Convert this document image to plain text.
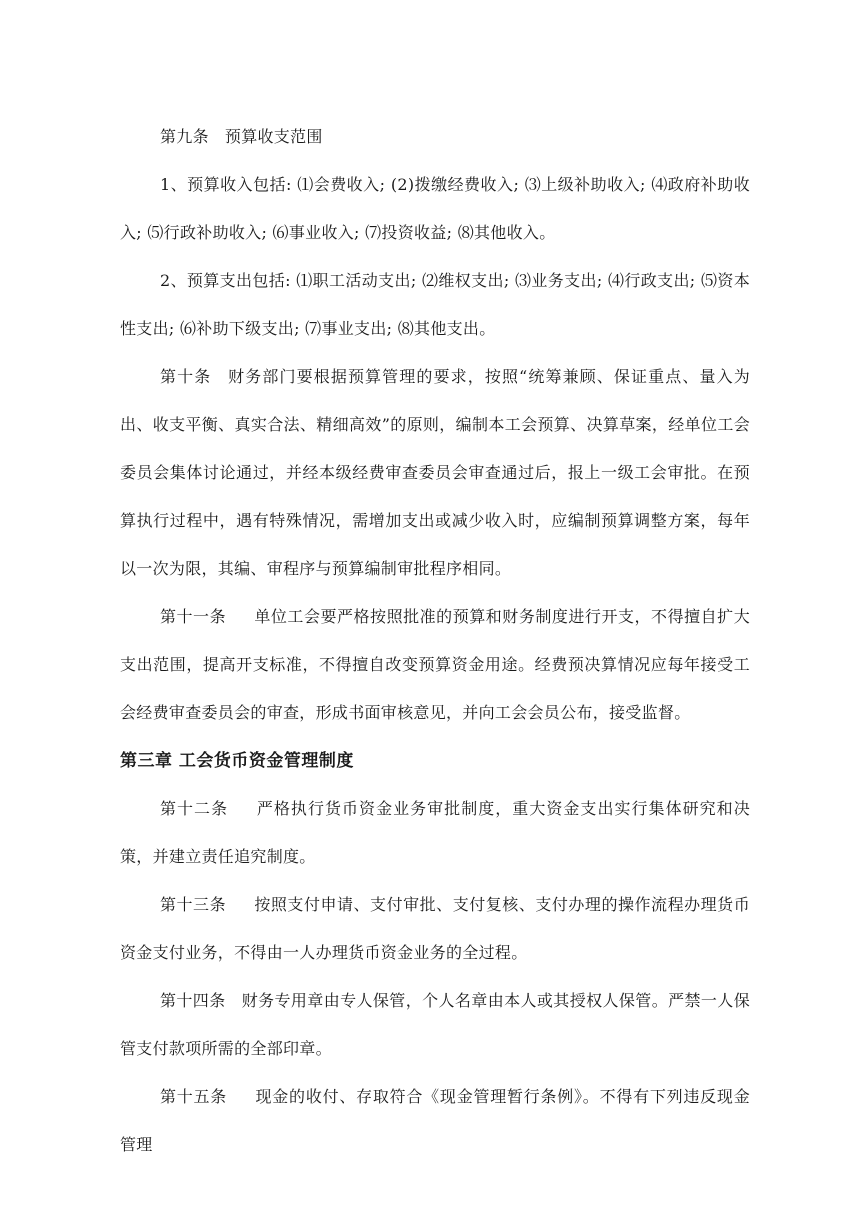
第九条 预算收支范围

1、预算收入包括: ⑴会费收入; (2)拨缴经费收入; ⑶上级补助收入; ⑷政府补助收入; ⑸行政补助收入; ⑹事业收入; ⑺投资收益; ⑻其他收入。

2、预算支出包括: ⑴职工活动支出; ⑵维权支出; ⑶业务支出; ⑷行政支出; ⑸资本性支出; ⑹补助下级支出; ⑺事业支出; ⑻其他支出。

第十条 财务部门要根据预算管理的要求，按照“统筹兼顾、保证重点、量入为出、收支平衡、真实合法、精细高效”的原则，编制本工会预算、决算草案，经单位工会委员会集体讨论通过，并经本级经费审查委员会审查通过后，报上一级工会审批。在预算执行过程中，遇有特殊情况，需增加支出或减少收入时，应编制预算调整方案，每年以一次为限，其编、审程序与预算编制审批程序相同。

第十一条 单位工会要严格按照批准的预算和财务制度进行开支，不得擅自扩大支出范围，提高开支标准，不得擅自改变预算资金用途。经费预决算情况应每年接受工会经费审查委员会的审查，形成书面审核意见，并向工会会员公布，接受监督。

第三章 工会货币资金管理制度

第十二条 严格执行货币资金业务审批制度，重大资金支出实行集体研究和决策，并建立责任追究制度。

第十三条 按照支付申请、支付审批、支付复核、支付办理的操作流程办理货币资金支付业务，不得由一人办理货币资金业务的全过程。

第十四条 财务专用章由专人保管，个人名章由本人或其授权人保管。严禁一人保管支付款项所需的全部印章。

第十五条 现金的收付、存取符合《现金管理暂行条例》。不得有下列违反现金管理
